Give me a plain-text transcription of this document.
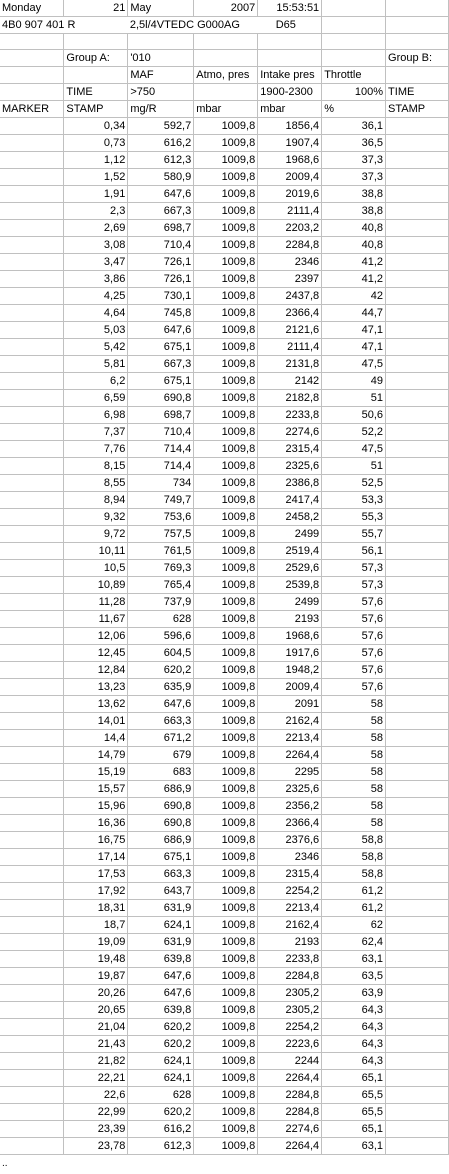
Monday	21	May	2007	15:53:51		
4B0 907 401 R		2,5l/4VTEDC G000AG		D65		

	Group A:	'010				Group B:
		MAF	Atmo, pres	Intake pres	Throttle	
	TIME	>750		1900-2300	100%	TIME
MARKER	STAMP	mg/R	mbar	mbar	%	STAMP
	0,34	592,7	1009,8	1856,4	36,1	
	0,73	616,2	1009,8	1907,4	36,5	
	1,12	612,3	1009,8	1968,6	37,3	
	1,52	580,9	1009,8	2009,4	37,3	
	1,91	647,6	1009,8	2019,6	38,8	
	2,3	667,3	1009,8	2111,4	38,8	
	2,69	698,7	1009,8	2203,2	40,8	
	3,08	710,4	1009,8	2284,8	40,8	
	3,47	726,1	1009,8	2346	41,2	
	3,86	726,1	1009,8	2397	41,2	
	4,25	730,1	1009,8	2437,8	42	
	4,64	745,8	1009,8	2366,4	44,7	
	5,03	647,6	1009,8	2121,6	47,1	
	5,42	675,1	1009,8	2111,4	47,1	
	5,81	667,3	1009,8	2131,8	47,5	
	6,2	675,1	1009,8	2142	49	
	6,59	690,8	1009,8	2182,8	51	
	6,98	698,7	1009,8	2233,8	50,6	
	7,37	710,4	1009,8	2274,6	52,2	
	7,76	714,4	1009,8	2315,4	47,5	
	8,15	714,4	1009,8	2325,6	51	
	8,55	734	1009,8	2386,8	52,5	
	8,94	749,7	1009,8	2417,4	53,3	
	9,32	753,6	1009,8	2458,2	55,3	
	9,72	757,5	1009,8	2499	55,7	
	10,11	761,5	1009,8	2519,4	56,1	
	10,5	769,3	1009,8	2529,6	57,3	
	10,89	765,4	1009,8	2539,8	57,3	
	11,28	737,9	1009,8	2499	57,6	
	11,67	628	1009,8	2193	57,6	
	12,06	596,6	1009,8	1968,6	57,6	
	12,45	604,5	1009,8	1917,6	57,6	
	12,84	620,2	1009,8	1948,2	57,6	
	13,23	635,9	1009,8	2009,4	57,6	
	13,62	647,6	1009,8	2091	58	
	14,01	663,3	1009,8	2162,4	58	
	14,4	671,2	1009,8	2213,4	58	
	14,79	679	1009,8	2264,4	58	
	15,19	683	1009,8	2295	58	
	15,57	686,9	1009,8	2325,6	58	
	15,96	690,8	1009,8	2356,2	58	
	16,36	690,8	1009,8	2366,4	58	
	16,75	686,9	1009,8	2376,6	58,8	
	17,14	675,1	1009,8	2346	58,8	
	17,53	663,3	1009,8	2315,4	58,8	
	17,92	643,7	1009,8	2254,2	61,2	
	18,31	631,9	1009,8	2213,4	61,2	
	18,7	624,1	1009,8	2162,4	62	
	19,09	631,9	1009,8	2193	62,4	
	19,48	639,8	1009,8	2233,8	63,1	
	19,87	647,6	1009,8	2284,8	63,5	
	20,26	647,6	1009,8	2305,2	63,9	
	20,65	639,8	1009,8	2305,2	64,3	
	21,04	620,2	1009,8	2254,2	64,3	
	21,43	620,2	1009,8	2223,6	64,3	
	21,82	624,1	1009,8	2244	64,3	
	22,21	624,1	1009,8	2264,4	65,1	
	22,6	628	1009,8	2284,8	65,5	
	22,99	620,2	1009,8	2284,8	65,5	
	23,39	616,2	1009,8	2274,6	65,1	
	23,78	612,3	1009,8	2264,4	63,1	
..
